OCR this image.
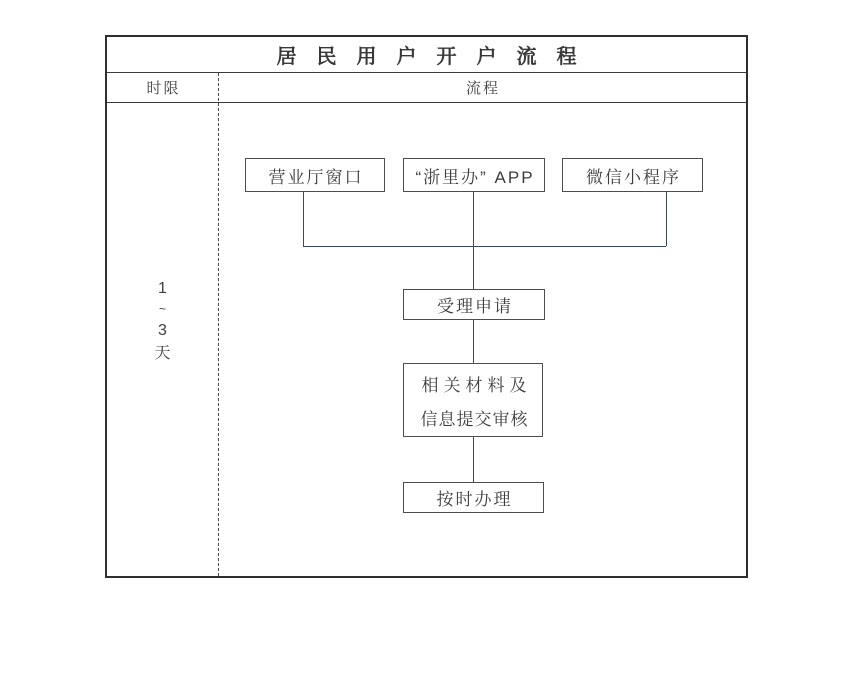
居民用户开户流程
时限	流程
1
~
3
天
营业厅窗口	“浙里办” APP	微信小程序
受理申请
相关材料及
信息提交审核
按时办理
